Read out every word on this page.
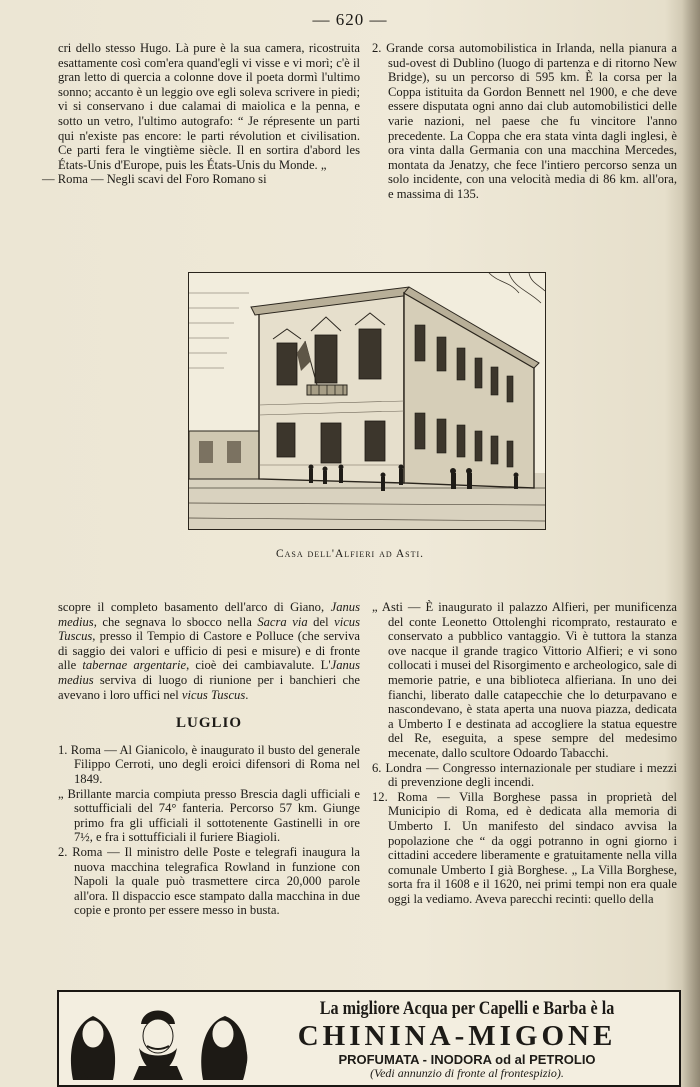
— 620 —

cri dello stesso Hugo. Là pure è la sua camera, ricostruita esattamente così com'era quand'egli vi visse e vi morì; c'è il gran letto di quercia a colonne dove il poeta dormì l'ultimo sonno; accanto è un leggio ove egli soleva scrivere in piedi; vi si conservano i due calamai di maiolica e la penna, e sotto un vetro, l'ultimo autografo: “ Je répresente un parti qui n'existe pas encore: le parti révolution et civilisation. Ce parti fera le vingtième siècle. Il en sortira d'abord les États-Unis d'Europe, puis les États-Unis du Monde. „

— Roma — Negli scavi del Foro Romano si

2. Grande corsa automobilistica in Irlanda, nella pianura a sud-ovest di Dublino (luogo di partenza e di ritorno New Bridge), su un percorso di 595 km. È la corsa per la Coppa istituita da Gordon Bennett nel 1900, e che deve essere disputata ogni anno dai club automobilistici delle varie nazioni, nel paese che fu vincitore l'anno precedente. La Coppa che era stata vinta dagli inglesi, è ora vinta dalla Germania con una macchina Mercedes, montata da Jenatzy, che fece l'intiero percorso senza un solo incidente, con una velocità media di 86 km. all'ora, e massima di 135.

Casa dell'Alfieri ad Asti.

scopre il completo basamento dell'arco di Giano, Janus medius, che segnava lo sbocco nella Sacra via del vicus Tuscus, presso il Tempio di Castore e Polluce (che serviva di saggio dei valori e ufficio di pesi e misure) e di fronte alle tabernae argentarie, cioè dei cambiavalute. L'Janus medius serviva di luogo di riunione per i banchieri che avevano i loro uffici nel vicus Tuscus.

LUGLIO

1. Roma — Al Gianicolo, è inaugurato il busto del generale Filippo Cerroti, uno degli eroici difensori di Roma nel 1849.

„ Brillante marcia compiuta presso Brescia dagli ufficiali e sottufficiali del 74° fanteria. Percorso 57 km. Giunge primo fra gli ufficiali il sottotenente Gastinelli in ore 7½, e fra i sottufficiali il furiere Biagioli.

2. Roma — Il ministro delle Poste e telegrafi inaugura la nuova macchina telegrafica Rowland in funzione con Napoli la quale può trasmettere circa 20,000 parole all'ora. Il dispaccio esce stampato dalla macchina in due copie e pronto per essere messo in busta.

„ Asti — È inaugurato il palazzo Alfieri, per munificenza del conte Leonetto Ottolenghi ricomprato, restaurato e conservato a pubblico vantaggio. Vi è tuttora la stanza ove nacque il grande tragico Vittorio Alfieri; e vi sono collocati i musei del Risorgimento e archeologico, sale di memorie patrie, e una biblioteca alfieriana. In uno dei fianchi, liberato dalle catapecchie che lo deturpavano e nascondevano, è stata aperta una nuova piazza, dedicata a Umberto I e destinata ad accogliere la statua equestre del Re, eseguita, a spese sempre del medesimo mecenate, dallo scultore Odoardo Tabacchi.

6. Londra — Congresso internazionale per studiare i mezzi di prevenzione degli incendi.

12. Roma — Villa Borghese passa in proprietà del Municipio di Roma, ed è dedicata alla memoria di Umberto I. Un manifesto del sindaco avvisa la popolazione che “ da oggi potranno in ogni giorno i cittadini accedere liberamente e gratuitamente nella villa comunale Umberto I già Borghese. „ La Villa Borghese, sorta fra il 1608 e il 1620, nei primi tempi non era quale oggi la vediamo. Aveva parecchi recinti: quello della

La migliore Acqua per Capelli e Barba è la
CHININA-MIGONE
PROFUMATA - INODORA od al PETROLIO
(Vedi annunzio di fronte al frontespizio).
